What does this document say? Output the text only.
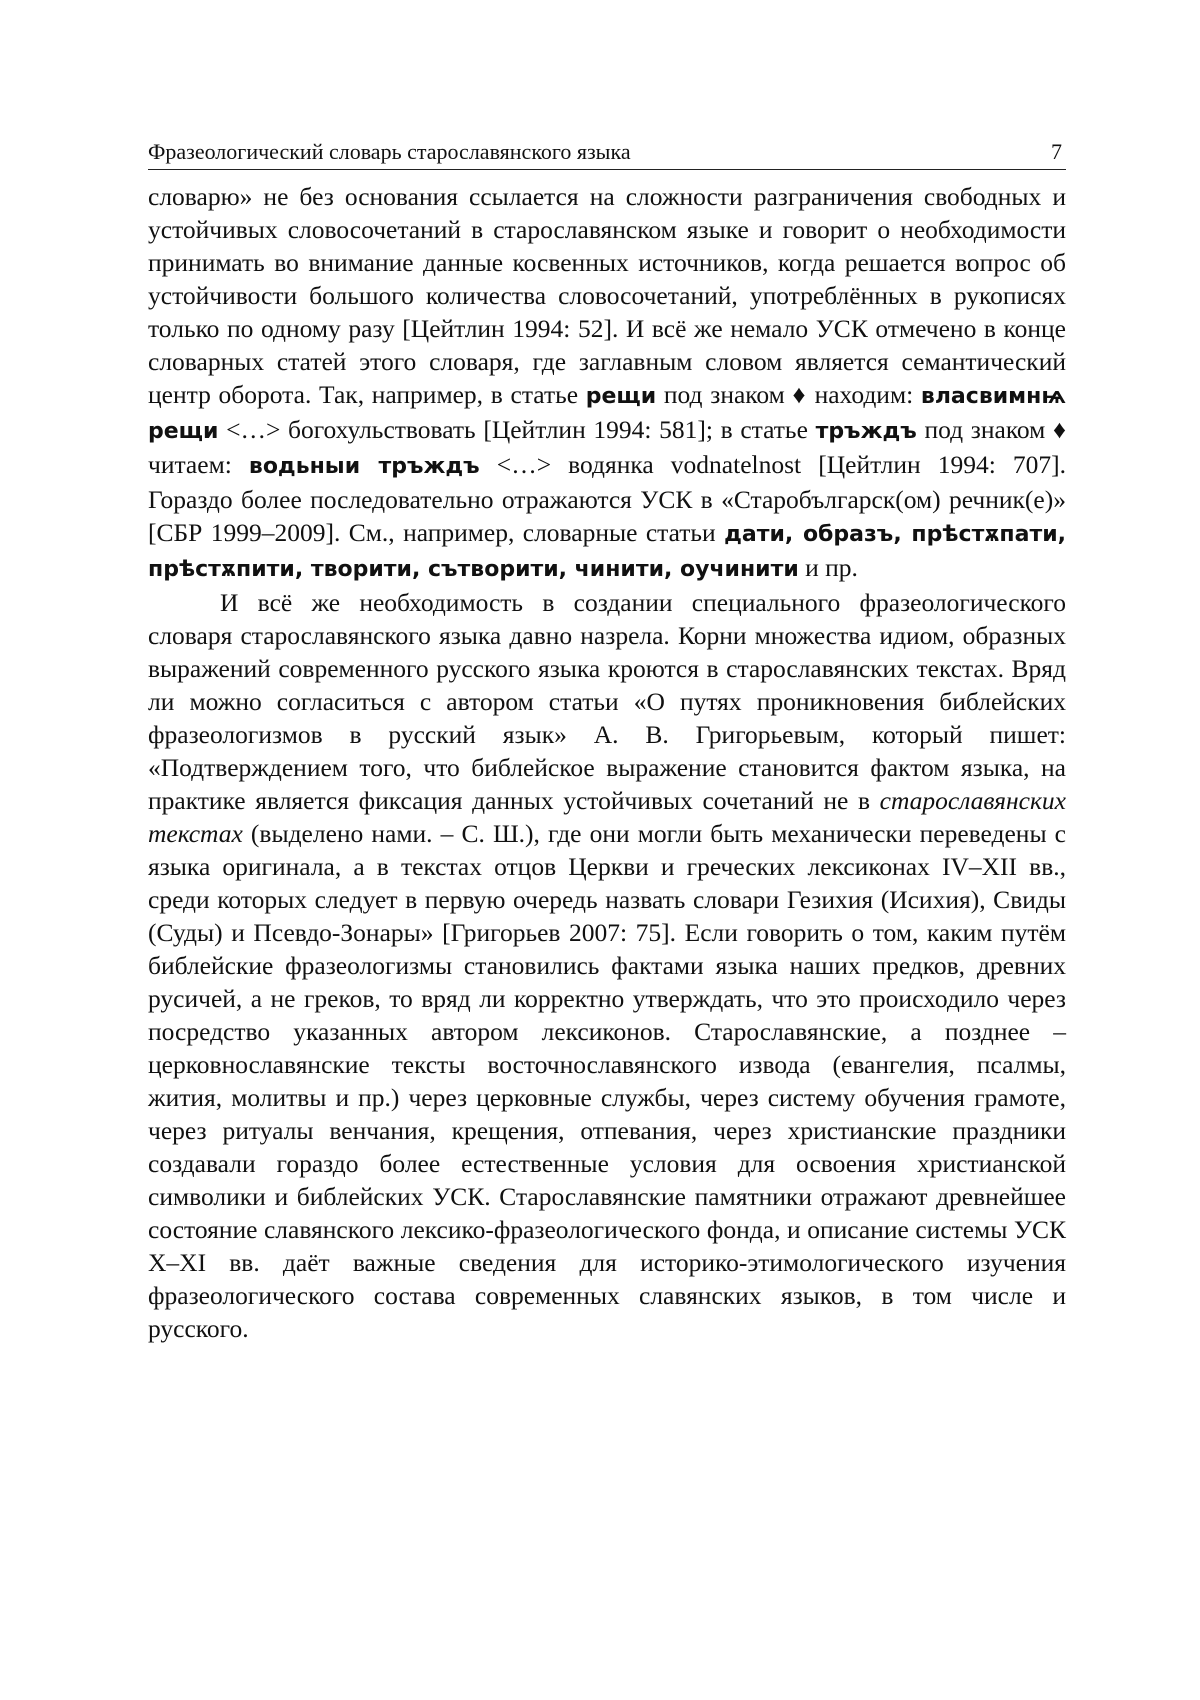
Фразеологический словарь старославянского языка	7

словарю» не без основания ссылается на сложности разграничения свободных и устойчивых словосочетаний в старославянском языке и говорит о необходимости принимать во внимание данные косвенных источников, когда решается вопрос об устойчивости большого количества словосочетаний, употреблённых в рукописях только по одному разу [Цейтлин 1994: 52]. И всё же немало УСК отмечено в конце словарных статей этого словаря, где заглавным словом является семантический центр оборота. Так, например, в статье рещи под знаком ♦ находим: власвимнѩ рещи <…> богохульствовать [Цейтлин 1994: 581]; в статье тръждъ под знаком ♦ читаем: водьныи тръждъ <…> водянка vodnatelnost [Цейтлин 1994: 707]. Гораздо более последовательно отражаются УСК в «Старобългарск(ом) речник(е)» [СБР 1999–2009]. См., например, словарные статьи дати, образъ, прѣстѫпати, прѣстѫпити, творити, сътворити, чинити, оучинити и пр.

И всё же необходимость в создании специального фразеологического словаря старославянского языка давно назрела. Корни множества идиом, образных выражений современного русского языка кроются в старославянских текстах. Вряд ли можно согласиться с автором статьи «О путях проникновения библейских фразеологизмов в русский язык» А. В. Григорьевым, который пишет: «Подтверждением того, что библейское выражение становится фактом языка, на практике является фиксация данных устойчивых сочетаний не в старославянских текстах (выделено нами. – С. Ш.), где они могли быть механически переведены с языка оригинала, а в текстах отцов Церкви и греческих лексиконах IV–XII вв., среди которых следует в первую очередь назвать словари Гезихия (Исихия), Свиды (Суды) и Псевдо-Зонары» [Григорьев 2007: 75]. Если говорить о том, каким путём библейские фразеологизмы становились фактами языка наших предков, древних русичей, а не греков, то вряд ли корректно утверждать, что это происходило через посредство указанных автором лексиконов. Старославянские, а позднее – церковнославянские тексты восточнославянского извода (евангелия, псалмы, жития, молитвы и пр.) через церковные службы, через систему обучения грамоте, через ритуалы венчания, крещения, отпевания, через христианские праздники создавали гораздо более естественные условия для освоения христианской символики и библейских УСК. Старославянские памятники отражают древнейшее состояние славянского лексико-фразеологического фонда, и описание системы УСК X–XI вв. даёт важные сведения для историко-этимологического изучения фразеологического состава современных славянских языков, в том числе и русского.
